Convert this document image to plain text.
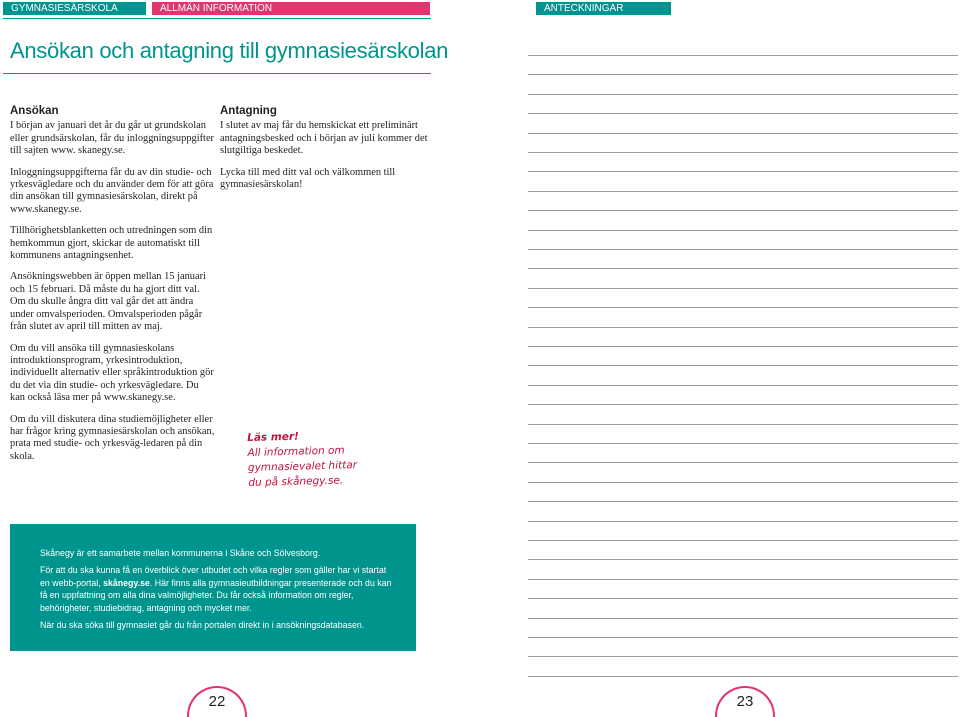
GYMNASIESÄRSKOLA	ALLMÄN INFORMATION	ANTECKNINGAR
Ansökan och antagning till gymnasiesärskolan
Ansökan

I början av januari det år du går ut grundskolan eller grundsärskolan, får du inloggningsuppgifter till sajten www. skanegy.se.

Inloggningsuppgifterna får du av din studie- och yrkesvägledare och du använder dem för att göra din ansökan till gymnasiesärskolan, direkt på www.skanegy.se.

Tillhörighetsblanketten och utredningen som din hemkommun gjort, skickar de automatiskt till kommunens antagningsenhet.

Ansökningswebben är öppen mellan 15 januari och 15 februari. Då måste du ha gjort ditt val. Om du skulle ångra ditt val går det att ändra under omvalsperioden. Omvalsperioden pågår från slutet av april till mitten av maj.

Om du vill ansöka till gymnasieskolans introduktionsprogram, yrkesintroduktion, individuellt alternativ eller språkintroduktion gör du det via din studie- och yrkesvägledare. Du kan också läsa mer på www.skanegy.se.

Om du vill diskutera dina studiemöjligheter eller har frågor kring gymnasiesärskolan och ansökan, prata med studie- och yrkesväg-ledaren på din skola.

Antagning

I slutet av maj får du hemskickat ett preliminärt antagningsbesked och i början av juli kommer det slutgiltiga beskedet.

Lycka till med ditt val och välkommen till gymnasiesärskolan!

Läs mer!
All information om
gymnasievalet hittar
du på skånegy.se.

Skånegy är ett samarbete mellan kommunerna i Skåne och Sölvesborg.

För att du ska kunna få en överblick över utbudet och vilka regler som gäller har vi startat en webb-portal, skånegy.se. Här finns alla gymnasieutbildningar presenterade och du kan få en uppfattning om alla dina valmöjligheter. Du får också information om regler, behörigheter, studiebidrag, antagning och mycket mer.

När du ska söka till gymnasiet går du från portalen direkt in i ansökningsdatabasen.

22	23
